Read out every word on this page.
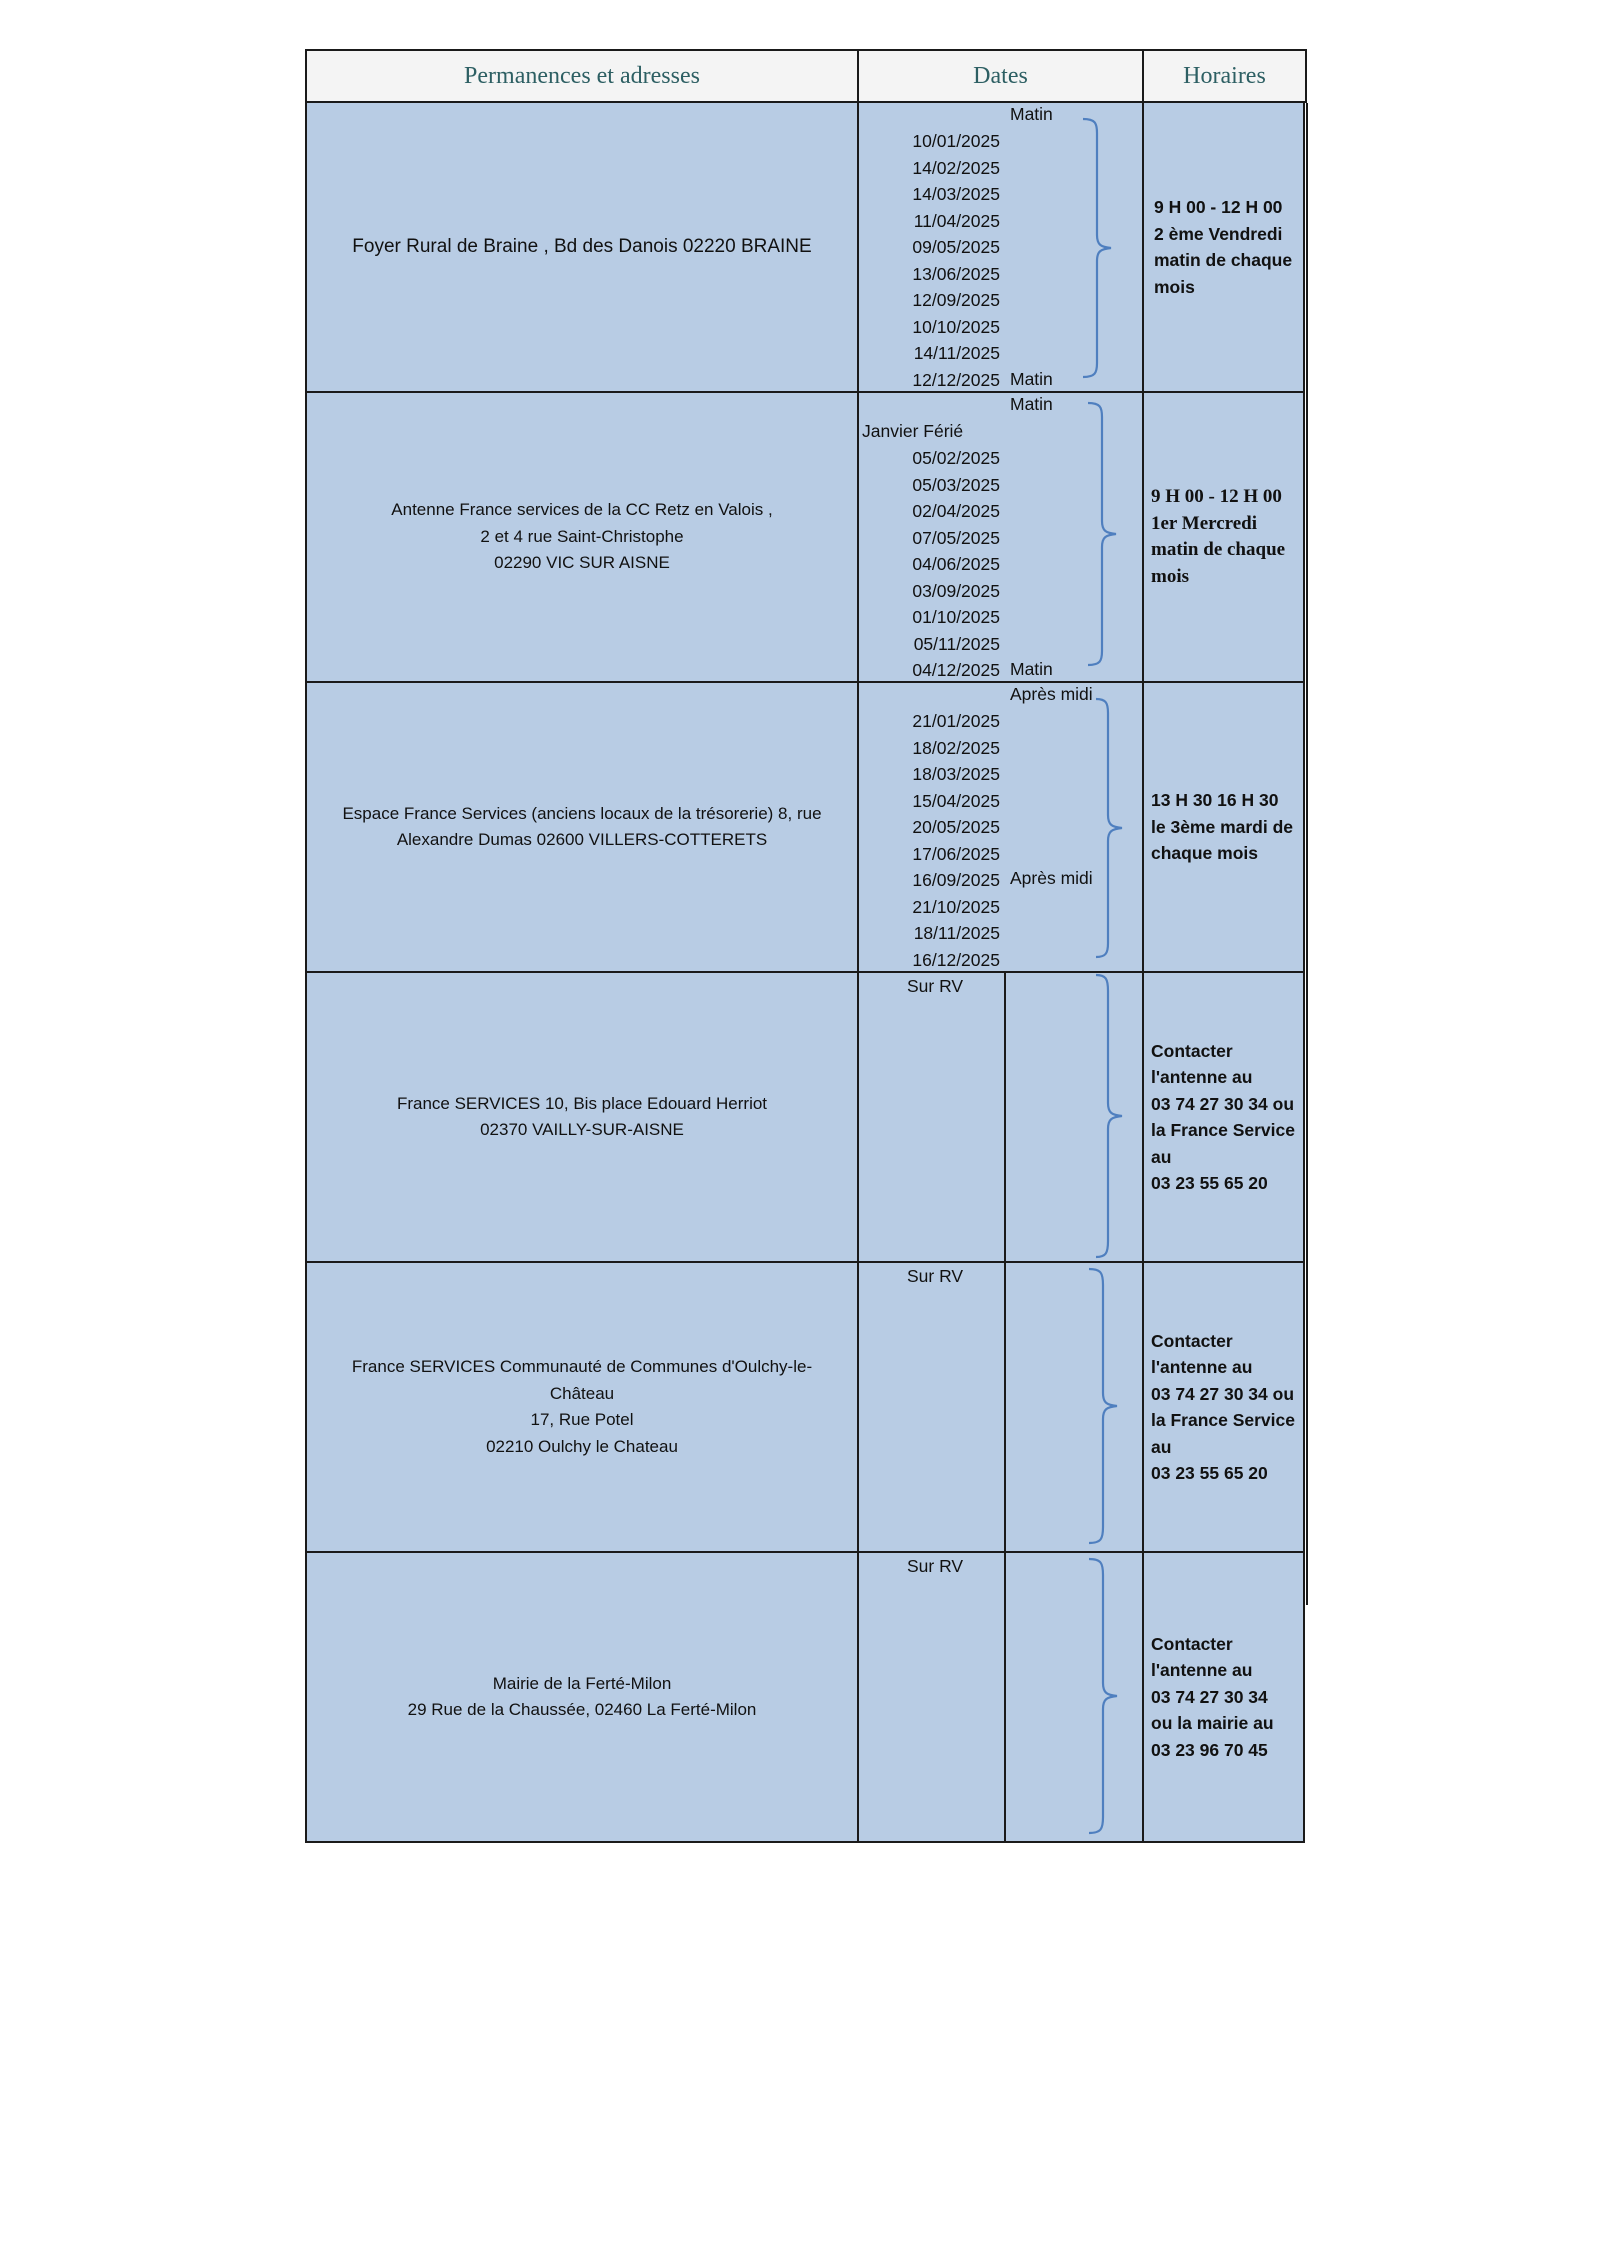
Permanences et adresses	Dates	Horaires
Foyer Rural de Braine , Bd des Danois 02220 BRAINE
Matin
10/01/2025
14/02/2025
14/03/2025
11/04/2025
09/05/2025
13/06/2025
12/09/2025
10/10/2025
14/11/2025
12/12/2025 Matin
9 H 00 - 12 H 00
2 ème Vendredi
matin de chaque
mois
Antenne France services de la CC Retz en Valois ,
2 et 4 rue Saint-Christophe
02290 VIC SUR AISNE
Matin
Janvier Férié
05/02/2025
05/03/2025
02/04/2025
07/05/2025
04/06/2025
03/09/2025
01/10/2025
05/11/2025
04/12/2025 Matin
9 H 00 - 12 H 00
1er Mercredi
matin de chaque
mois
Espace France Services (anciens locaux de la trésorerie) 8, rue
Alexandre Dumas 02600 VILLERS-COTTERETS
Après midi
21/01/2025
18/02/2025
18/03/2025
15/04/2025
20/05/2025
17/06/2025
16/09/2025
21/10/2025
18/11/2025
16/12/2025
Après midi
13 H 30 16 H 30
le 3ème mardi de
chaque mois
France SERVICES 10, Bis place Edouard Herriot
02370 VAILLY-SUR-AISNE
Sur RV
Contacter
l'antenne au
03 74 27 30 34 ou
la France Service
au
03 23 55 65 20
France SERVICES Communauté de Communes d'Oulchy-le-
Château
17, Rue Potel
02210 Oulchy le Chateau
Sur RV
Contacter
l'antenne au
03 74 27 30 34 ou
la France Service
au
03 23 55 65 20
Mairie de la Ferté-Milon
29 Rue de la Chaussée, 02460 La Ferté-Milon
Sur RV
Contacter
l'antenne au
03 74 27 30 34
ou la mairie au
03 23 96 70 45
